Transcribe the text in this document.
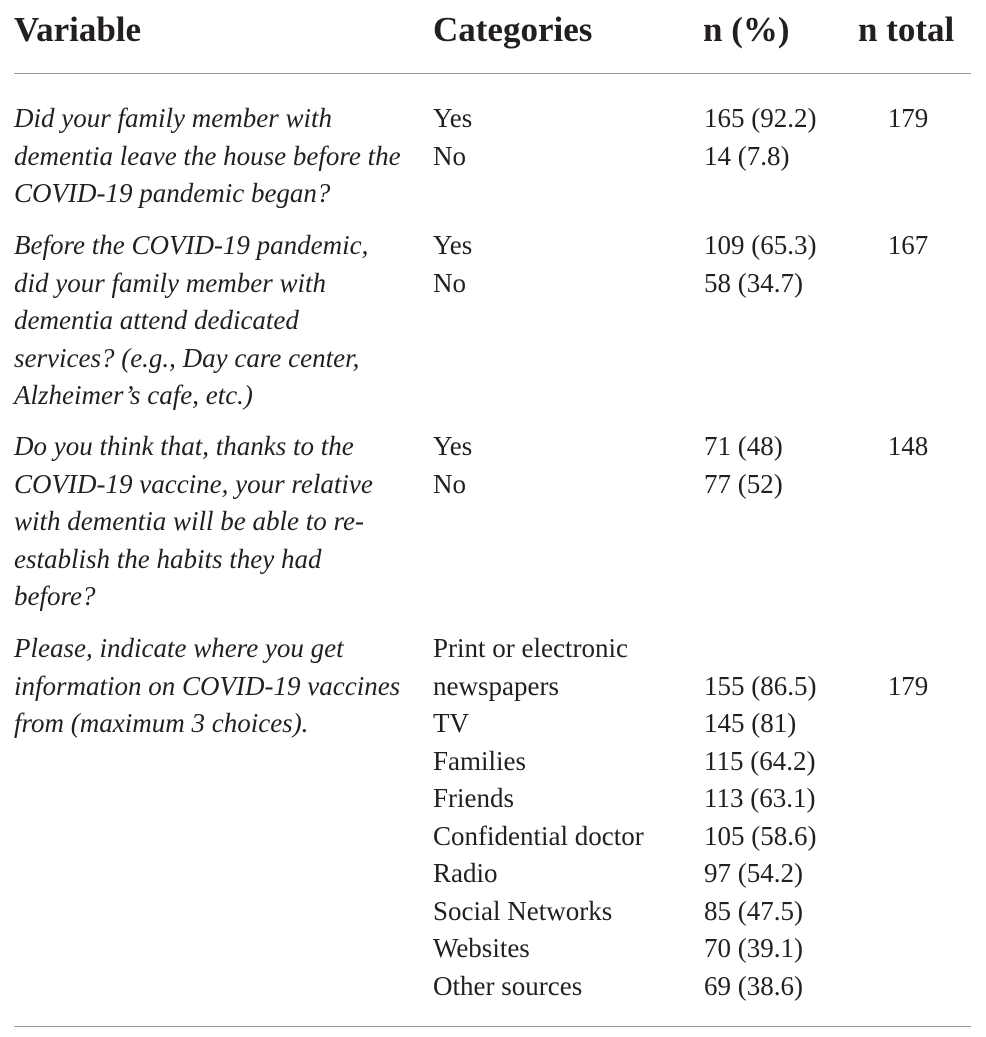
Variable	Categories	n (%) n total
Did your family member with dementia leave the house before the COVID-19 pandemic began?
Yes
No
165 (92.2)
14 (7.8)
179
Before the COVID-19 pandemic, did your family member with dementia attend dedicated services? (e.g., Day care center, Alzheimer’s cafe, etc.)
Yes
No
109 (65.3)
58 (34.7)
167
Do you think that, thanks to the COVID-19 vaccine, your relative with dementia will be able to re-establish the habits they had before?
Yes
No
71 (48)
77 (52)
148
Please, indicate where you get information on COVID-19 vaccines from (maximum 3 choices).
Print or electronic newspapers
TV
Families
Friends
Confidential doctor
Radio
Social Networks
Websites
Other sources
155 (86.5)
145 (81)
115 (64.2)
113 (63.1)
105 (58.6)
97 (54.2)
85 (47.5)
70 (39.1)
69 (38.6)
179
